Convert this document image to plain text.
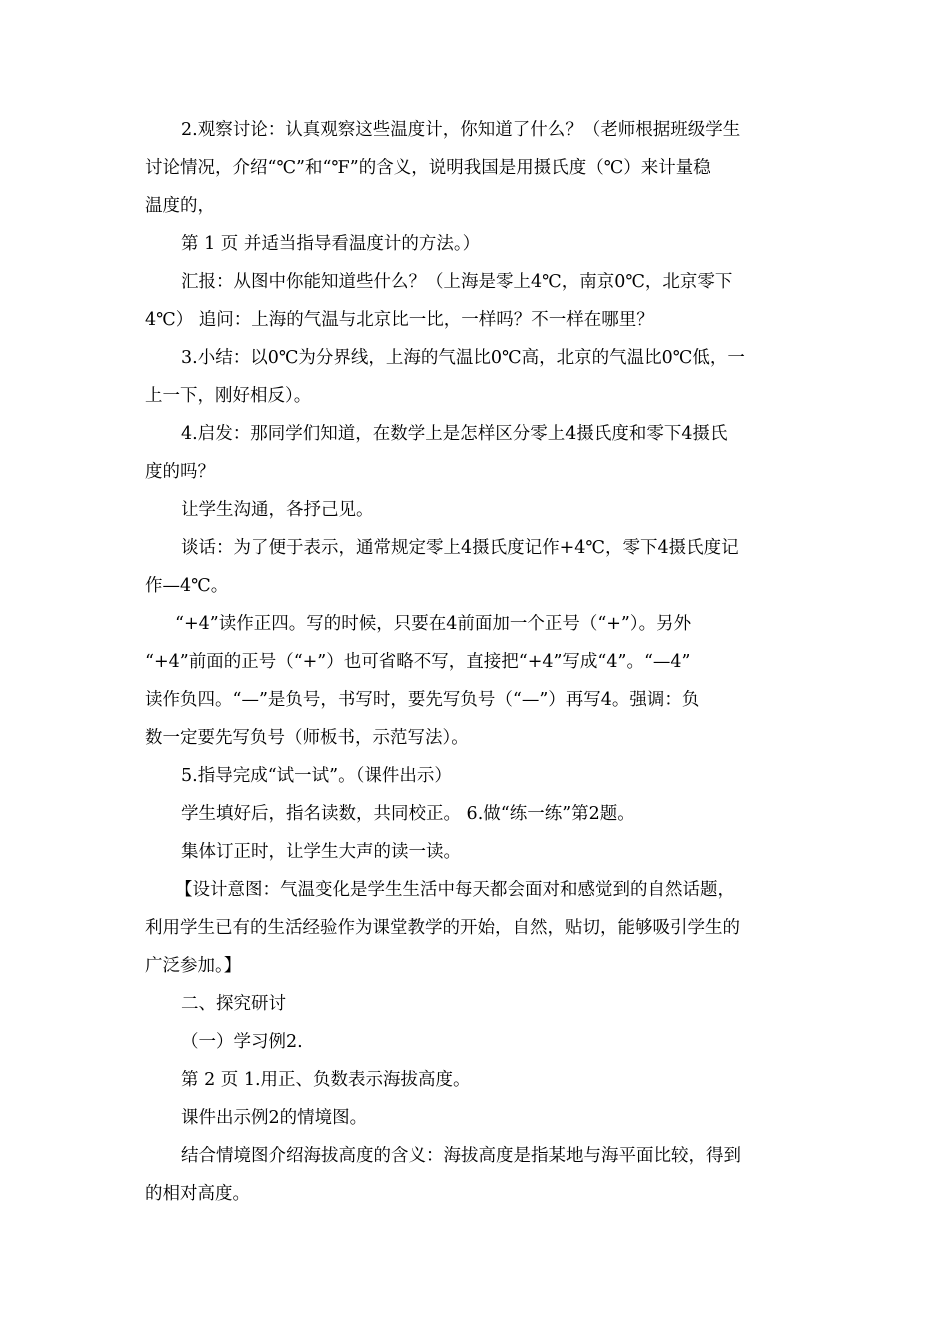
2.观察讨论：认真观察这些温度计，你知道了什么？（老师根据班级学生
讨论情况，介绍“℃”和“℉”的含义，说明我国是用摄氏度（℃）来计量稳
温度的，
第 1 页 并适当指导看温度计的方法。）
汇报：从图中你能知道些什么？（上海是零上4℃，南京0℃，北京零下
4℃） 追问：上海的气温与北京比一比，一样吗？不一样在哪里？
3.小结：以0℃为分界线，上海的气温比0℃高，北京的气温比0℃低，一
上一下，刚好相反）。
4.启发：那同学们知道，在数学上是怎样区分零上4摄氏度和零下4摄氏
度的吗？
让学生沟通，各抒己见。
谈话：为了便于表示，通常规定零上4摄氏度记作+4℃，零下4摄氏度记
作—4℃。
“+4”读作正四。写的时候，只要在4前面加一个正号（“+”）。另外
“+4”前面的正号（“+”）也可省略不写，直接把“+4”写成“4”。“—4”
读作负四。“—”是负号，书写时，要先写负号（“—”）再写4。强调：负
数一定要先写负号（师板书，示范写法）。
5.指导完成“试一试”。（课件出示）
学生填好后，指名读数，共同校正。 6.做“练一练”第2题。
集体订正时，让学生大声的读一读。
【设计意图：气温变化是学生生活中每天都会面对和感觉到的自然话题，
利用学生已有的生活经验作为课堂教学的开始，自然，贴切，能够吸引学生的
广泛参加。】
二、探究研讨
（一）学习例2.
第 2 页 1.用正、负数表示海拔高度。
课件出示例2的情境图。
结合情境图介绍海拔高度的含义：海拔高度是指某地与海平面比较，得到
的相对高度。
